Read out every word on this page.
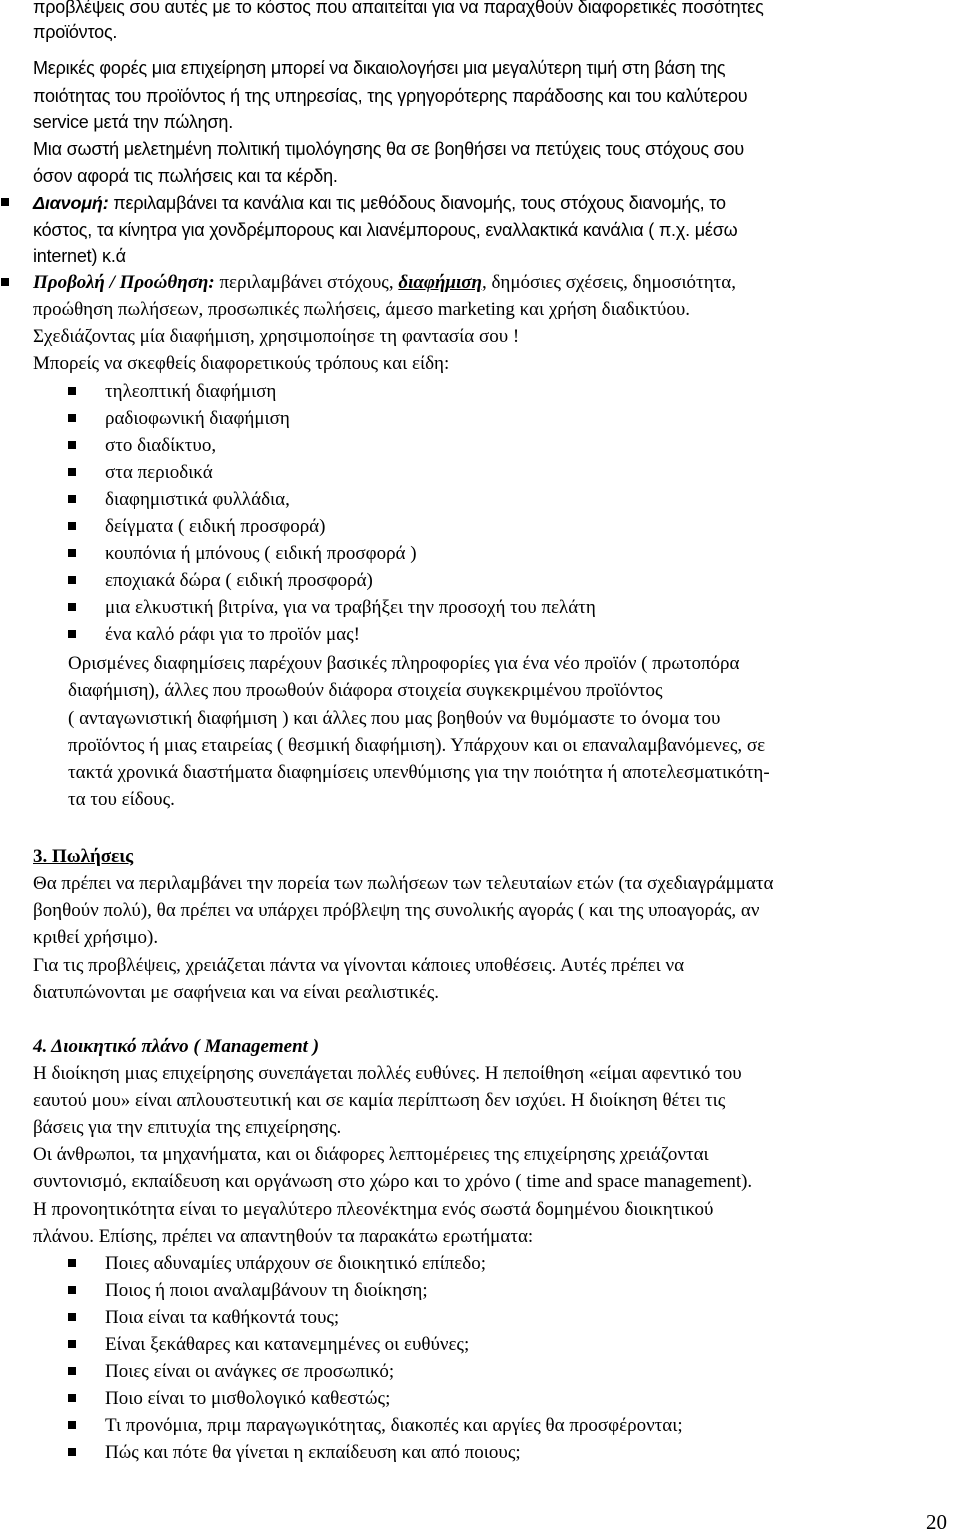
προβλέψεις σου αυτές με το κόστος που απαιτείται για να παραχθούν διαφορετικές ποσότητες
προϊόντος.
Μερικές φορές μια επιχείρηση μπορεί να δικαιολογήσει μια μεγαλύτερη τιμή στη βάση της
ποιότητας του προϊόντος ή της υπηρεσίας, της γρηγορότερης παράδοσης και του καλύτερου
service μετά την πώληση.
Μια σωστή μελετημένη πολιτική τιμολόγησης θα σε βοηθήσει να πετύχεις τους στόχους σου
όσον αφορά τις πωλήσεις και τα κέρδη.
Διανομή: περιλαμβάνει τα κανάλια και τις μεθόδους διανομής, τους στόχους διανομής, το
κόστος, τα κίνητρα για χονδρέμπορους και λιανέμπορους, εναλλακτικά κανάλια ( π.χ. μέσω
internet) κ.ά
Προβολή / Προώθηση: περιλαμβάνει στόχους, διαφήμιση, δημόσιες σχέσεις, δημοσιότητα,
προώθηση πωλήσεων, προσωπικές πωλήσεις, άμεσο marketing και χρήση διαδικτύου.
Σχεδιάζοντας μία διαφήμιση, χρησιμοποίησε τη φαντασία σου !
Μπορείς να σκεφθείς διαφορετικούς τρόπους και είδη:
τηλεοπτική διαφήμιση
ραδιοφωνική διαφήμιση
στο διαδίκτυο,
στα περιοδικά
διαφημιστικά φυλλάδια,
δείγματα ( ειδική προσφορά)
κουπόνια ή μπόνους ( ειδική προσφορά )
εποχιακά δώρα ( ειδική προσφορά)
μια ελκυστική βιτρίνα, για να τραβήξει την προσοχή του πελάτη
ένα καλό ράφι για το προϊόν μας!
Ορισμένες διαφημίσεις παρέχουν βασικές πληροφορίες για ένα νέο προϊόν ( πρωτοπόρα
διαφήμιση), άλλες που προωθούν διάφορα στοιχεία συγκεκριμένου προϊόντος
( ανταγωνιστική διαφήμιση ) και άλλες που μας βοηθούν να θυμόμαστε το όνομα του
προϊόντος ή μιας εταιρείας ( θεσμική διαφήμιση). Υπάρχουν και οι επαναλαμβανόμενες, σε
τακτά χρονικά διαστήματα διαφημίσεις υπενθύμισης για την ποιότητα ή αποτελεσματικότη-
τα του είδους.
3. Πωλήσεις
Θα πρέπει να περιλαμβάνει την πορεία των πωλήσεων των τελευταίων ετών (τα σχεδιαγράμματα
βοηθούν πολύ), θα πρέπει να υπάρχει πρόβλεψη της συνολικής αγοράς ( και της υποαγοράς, αν
κριθεί χρήσιμο).
Για τις προβλέψεις, χρειάζεται πάντα να γίνονται κάποιες υποθέσεις. Αυτές πρέπει να
διατυπώνονται με σαφήνεια και να είναι ρεαλιστικές.
4. Διοικητικό πλάνο ( Management )
Η διοίκηση μιας επιχείρησης συνεπάγεται πολλές ευθύνες. Η πεποίθηση «είμαι αφεντικό του
εαυτού μου» είναι απλουστευτική και σε καμία περίπτωση δεν ισχύει. Η διοίκηση θέτει τις
βάσεις για την επιτυχία της επιχείρησης.
Οι άνθρωποι, τα μηχανήματα, και οι διάφορες λεπτομέρειες της επιχείρησης χρειάζονται
συντονισμό, εκπαίδευση και οργάνωση στο χώρο και το χρόνο ( time and space management).
Η προνοητικότητα είναι το μεγαλύτερο πλεονέκτημα ενός σωστά δομημένου διοικητικού
πλάνου. Επίσης, πρέπει να απαντηθούν τα παρακάτω ερωτήματα:
Ποιες αδυναμίες υπάρχουν σε διοικητικό επίπεδο;
Ποιος ή ποιοι αναλαμβάνουν τη διοίκηση;
Ποια είναι τα καθήκοντά τους;
Είναι ξεκάθαρες και κατανεμημένες οι ευθύνες;
Ποιες είναι οι ανάγκες σε προσωπικό;
Ποιο είναι το μισθολογικό καθεστώς;
Τι προνόμια, πριμ παραγωγικότητας, διακοπές και αργίες θα προσφέρονται;
Πώς και πότε θα γίνεται η εκπαίδευση και από ποιους;
20
